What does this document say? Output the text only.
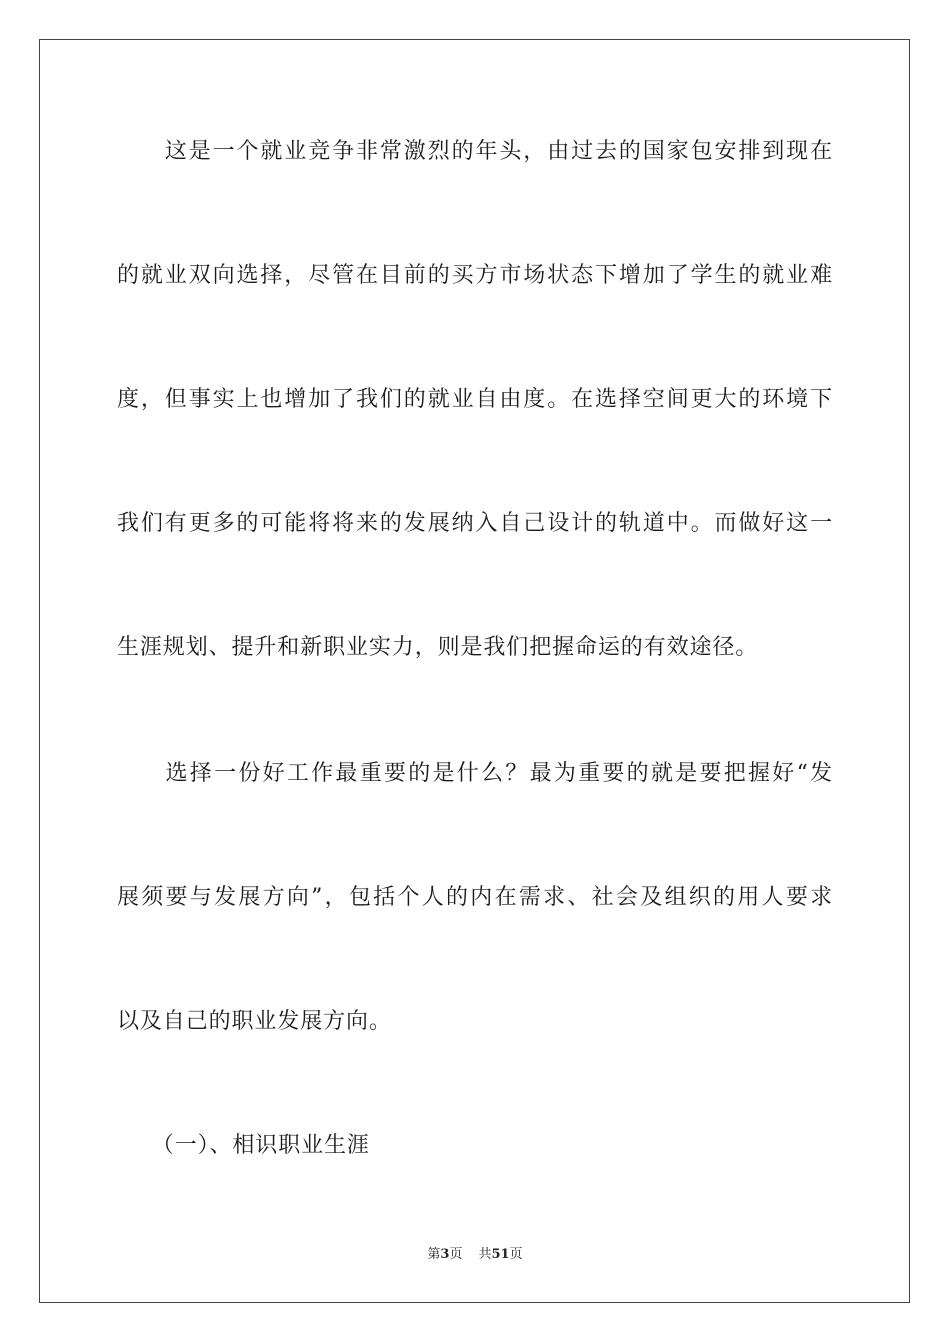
　　这是一个就业竞争非常激烈的年头，由过去的国家包安排到现在
的就业双向选择，尽管在目前的买方市场状态下增加了学生的就业难
度，但事实上也增加了我们的就业自由度。在选择空间更大的环境下
我们有更多的可能将将来的发展纳入自己设计的轨道中。而做好这一
生涯规划、提升和新职业实力，则是我们把握命运的有效途径。
　　选择一份好工作最重要的是什么？最为重要的就是要把握好“发
展须要与发展方向”，包括个人的内在需求、社会及组织的用人要求
以及自己的职业发展方向。
　　（一）、相识职业生涯
第3页 共51页
